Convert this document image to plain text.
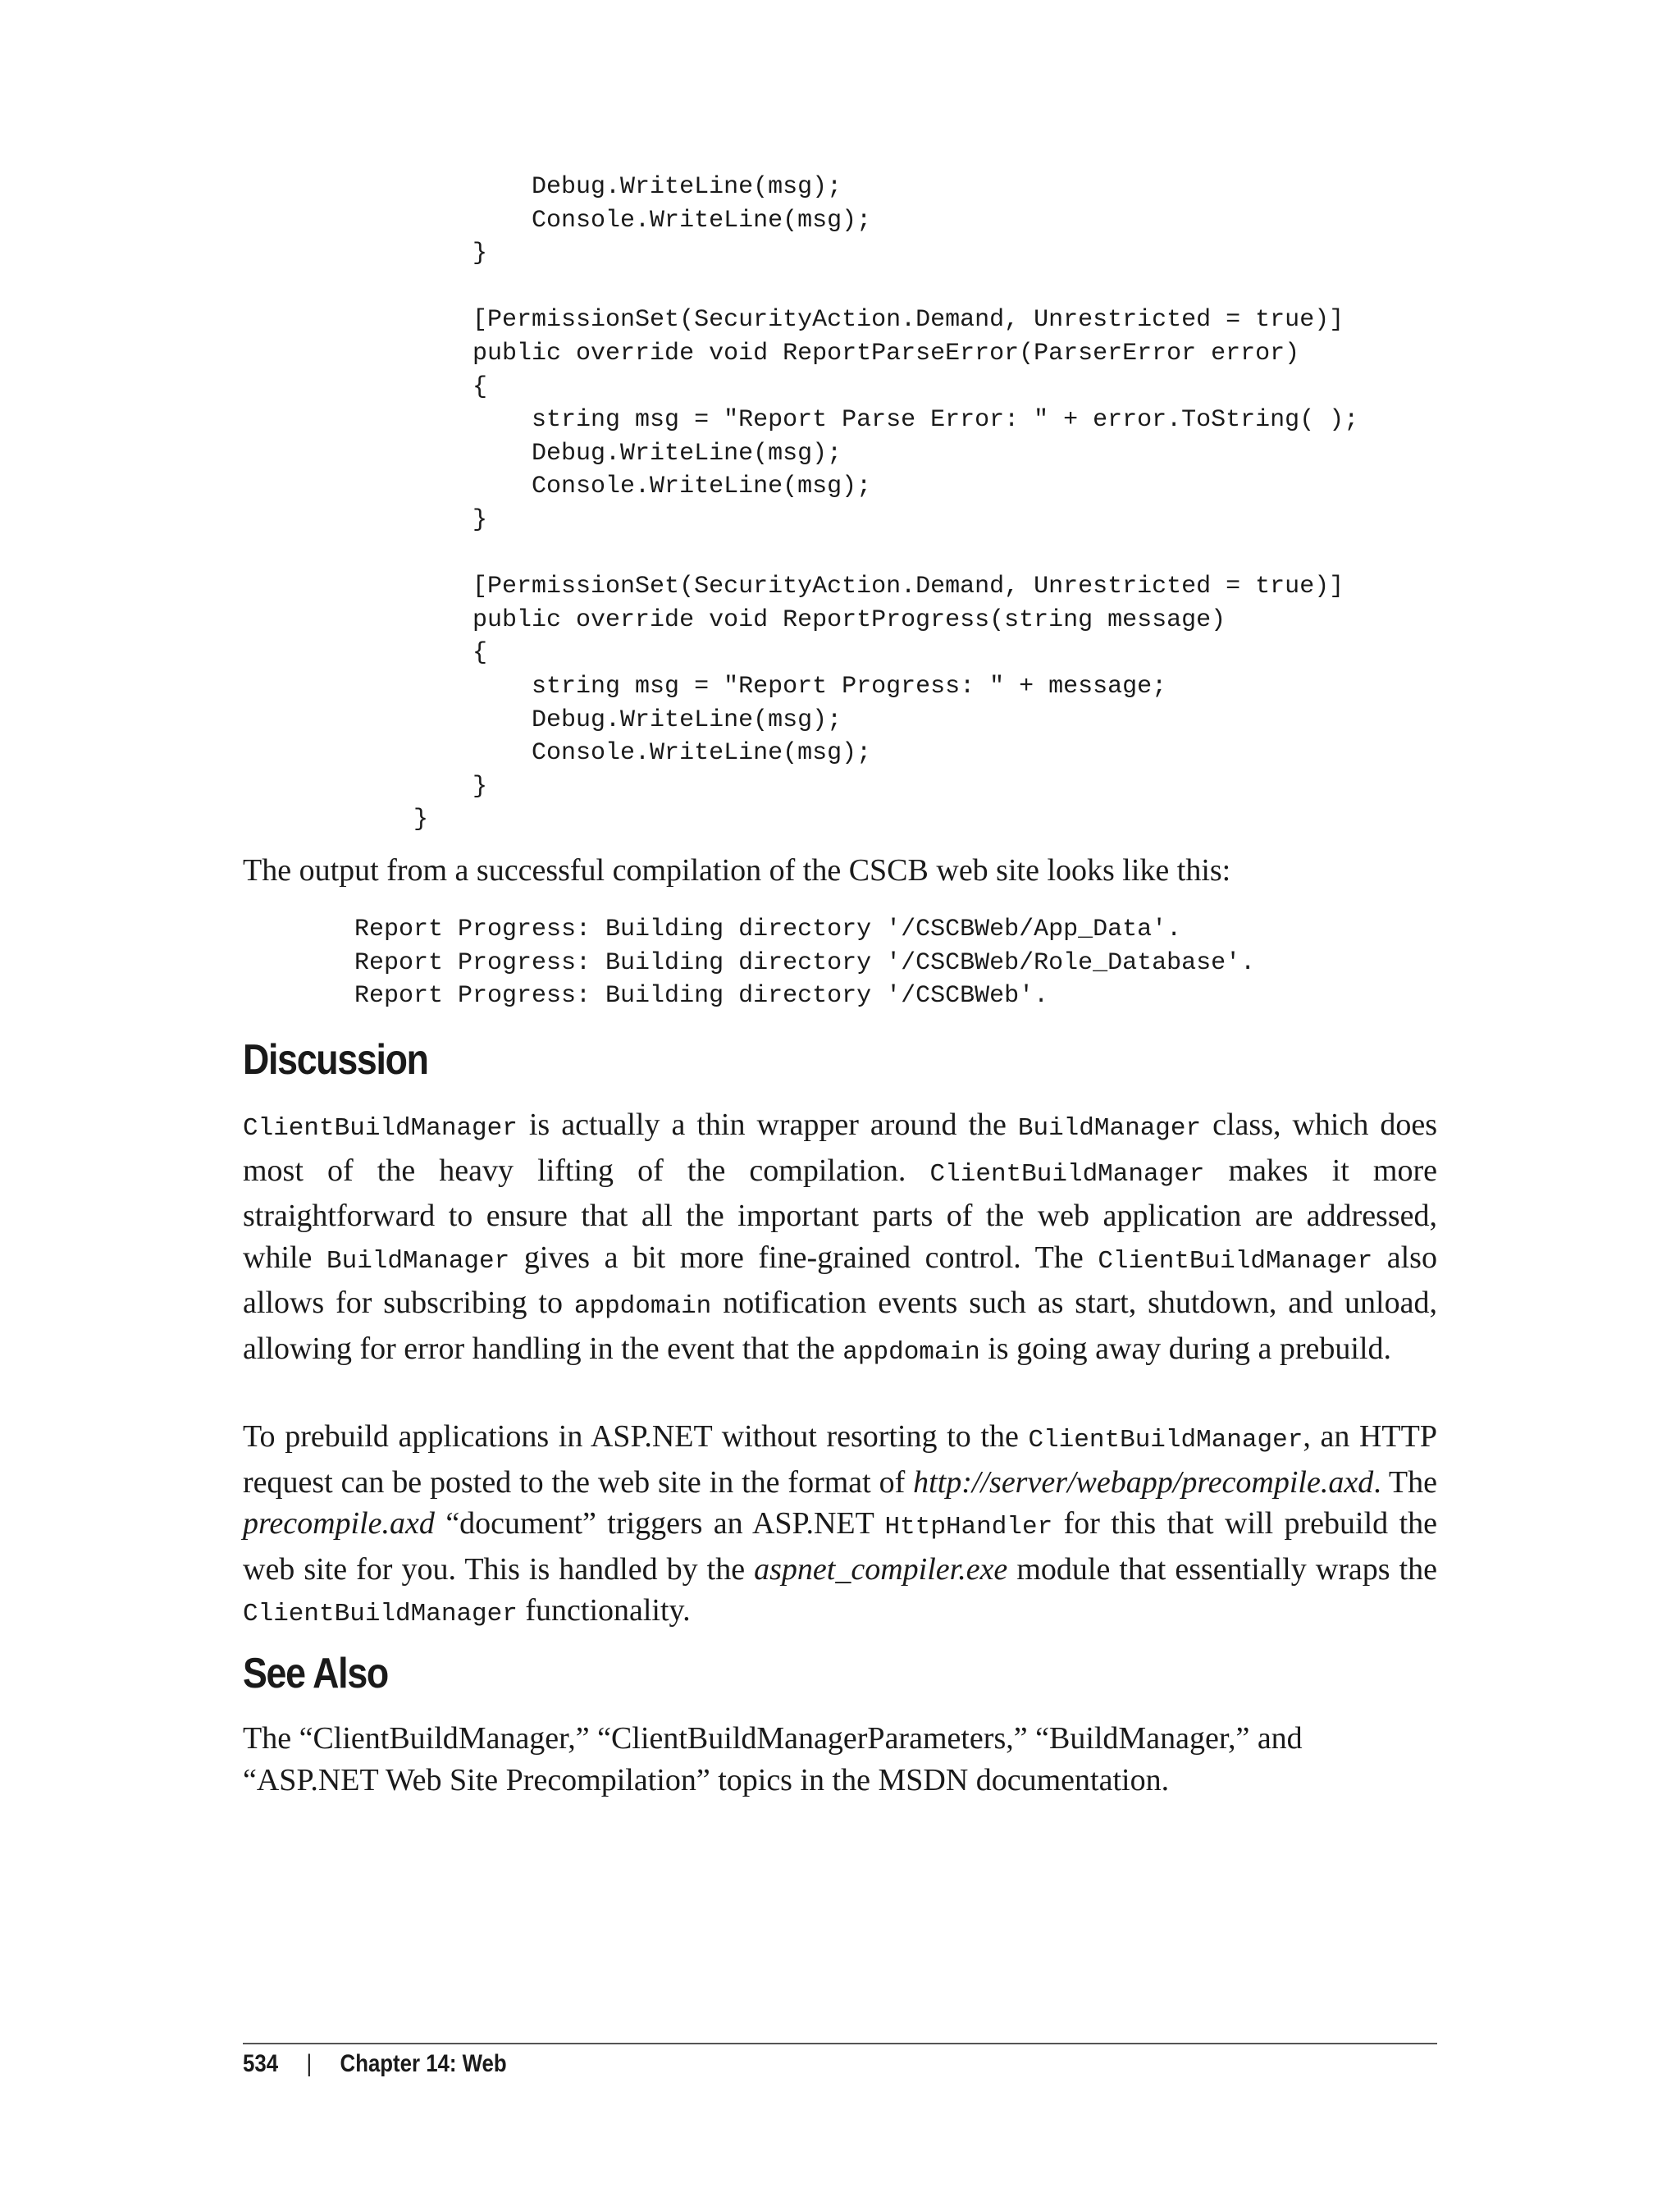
Debug.WriteLine(msg);
Console.WriteLine(msg);
}

[PermissionSet(SecurityAction.Demand, Unrestricted = true)]
public override void ReportParseError(ParserError error)
{
string msg = "Report Parse Error: " + error.ToString( );
Debug.WriteLine(msg);
Console.WriteLine(msg);
}

[PermissionSet(SecurityAction.Demand, Unrestricted = true)]
public override void ReportProgress(string message)
{
string msg = "Report Progress: " + message;
Debug.WriteLine(msg);
Console.WriteLine(msg);
}
}

The output from a successful compilation of the CSCB web site looks like this:

Report Progress: Building directory '/CSCBWeb/App_Data'.
Report Progress: Building directory '/CSCBWeb/Role_Database'.
Report Progress: Building directory '/CSCBWeb'.
Discussion

ClientBuildManager is actually a thin wrapper around the BuildManager class, which does most of the heavy lifting of the compilation. ClientBuildManager makes it more straightforward to ensure that all the important parts of the web application are addressed, while BuildManager gives a bit more fine-grained control. The ClientBuildManager also allows for subscribing to appdomain notification events such as start, shutdown, and unload, allowing for error handling in the event that the appdomain is going away during a prebuild.

To prebuild applications in ASP.NET without resorting to the ClientBuildManager, an HTTP request can be posted to the web site in the format of http://server/webapp/precompile.axd. The precompile.axd “document” triggers an ASP.NET HttpHandler for this that will prebuild the web site for you. This is handled by the aspnet_compiler.exe module that essentially wraps the ClientBuildManager functionality.

See Also

The “ClientBuildManager,” “ClientBuildManagerParameters,” “BuildManager,” and “ASP.NET Web Site Precompilation” topics in the MSDN documentation.

534 | Chapter 14: Web
